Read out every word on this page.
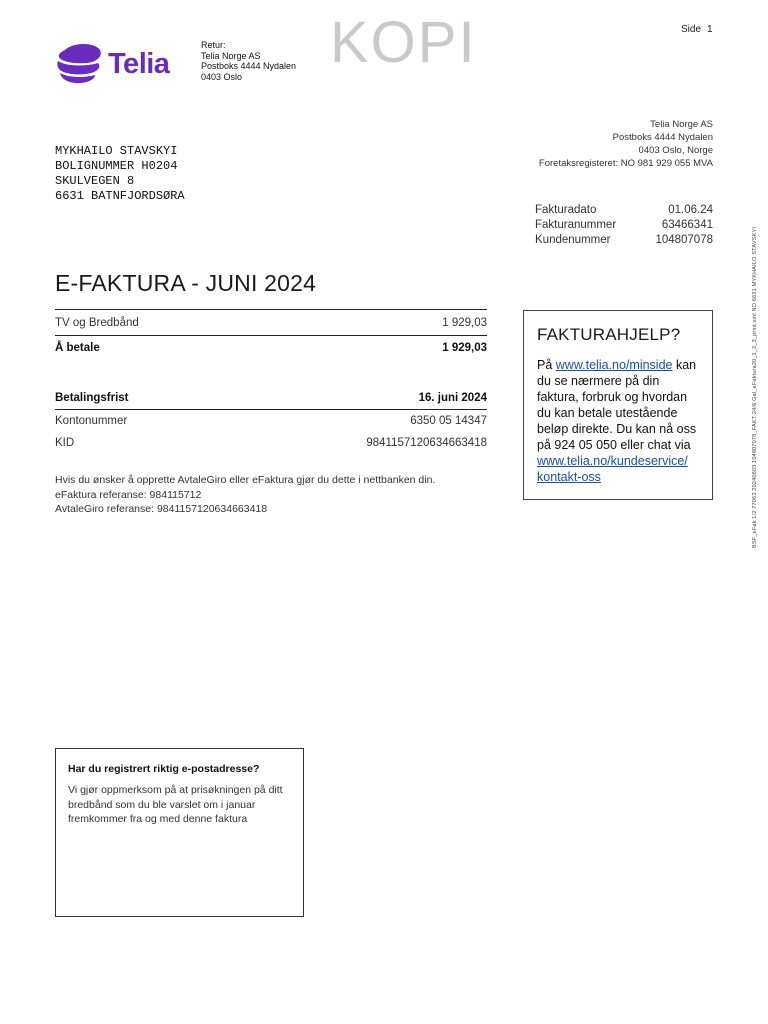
Telia
Retur:
Telia Norge AS
Postboks 4444 Nydalen
0403 Oslo
KOPI	Side 1
MYKHAILO STAVSKYI
BOLIGNUMMER H0204
SKULVEGEN 8
6631 BATNFJORDSØRA
Telia Norge AS
Postboks 4444 Nydalen
0403 Oslo, Norge
Foretaksregisteret: NO 981 929 055 MVA
Fakturadato	01.06.24
Fakturanummer	63466341
Kundenummer	104807078
E-FAKTURA - JUNI 2024
TV og Bredbånd	1 929,03
Å betale	1 929,03
Betalingsfrist	16. juni 2024
Kontonummer	6350 05 14347
KID	9841157120634663418
Hvis du ønsker å opprette AvtaleGiro eller eFaktura gjør du dette i nettbanken din.
eFaktura referanse: 984115712
AvtaleGiro referanse: 9841157120634663418
FAKTURAHJELP?
På www.telia.no/minside kan du se nærmere på din faktura, forbruk og hvordan du kan betale utestående beløp direkte. Du kan nå oss på 924 05 050 eller chat via www.telia.no/kundeservice/
kontakt-oss
Har du registrert riktig e-postadresse?
Vi gjør oppmerksom på at prisøkningen på ditt bredbånd som du ble varslet om i januar fremkommer fra og med denne faktura
BSF_eFak 1/2 77063 20240603 104807078_FAKT 24/6 Gal_eFaktura20_1_2_3_print.xml NO 6631 MYKHAILO STAVSKYI
